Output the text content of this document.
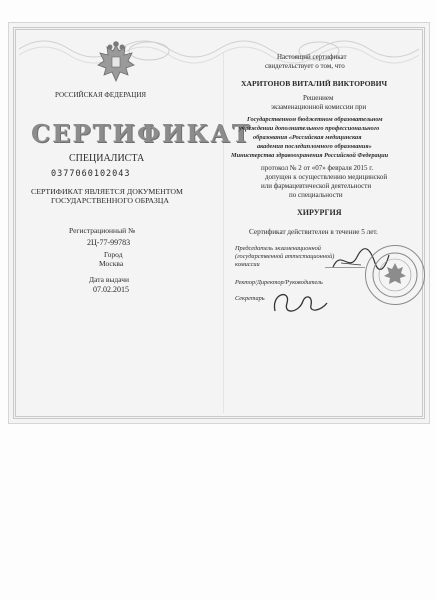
РОССИЙСКАЯ ФЕДЕРАЦИЯ
СЕРТИФИКАТ
СПЕЦИАЛИСТА
0377060102043
СЕРТИФИКАТ ЯВЛЯЕТСЯ ДОКУМЕНТОМ
ГОСУДАРСТВЕННОГО ОБРАЗЦА
Регистрационный №
2Ц-77-99783
Город
Москва
Дата выдачи
07.02.2015
Настоящий сертификат
свидетельствует о том, что
ХАРИТОНОВ ВИТАЛИЙ ВИКТОРОВИЧ
Решением
экзаменационной комиссии при
Государственном бюджетном образовательном
учреждении дополнительного профессионального
образования «Российская медицинская
академия последипломного образования»
Министерства здравоохранения Российской Федерации
протокол № 2 от «07» февраля 2015 г.
допущен к осуществлению медицинской
или фармацевтической деятельности
по специальности
ХИРУРГИЯ
Сертификат действителен в течение 5 лет.
Председатель экзаменационной
(государственной аттестационной)
комиссии
Ректор/Директор/Руководитель
Секретарь
